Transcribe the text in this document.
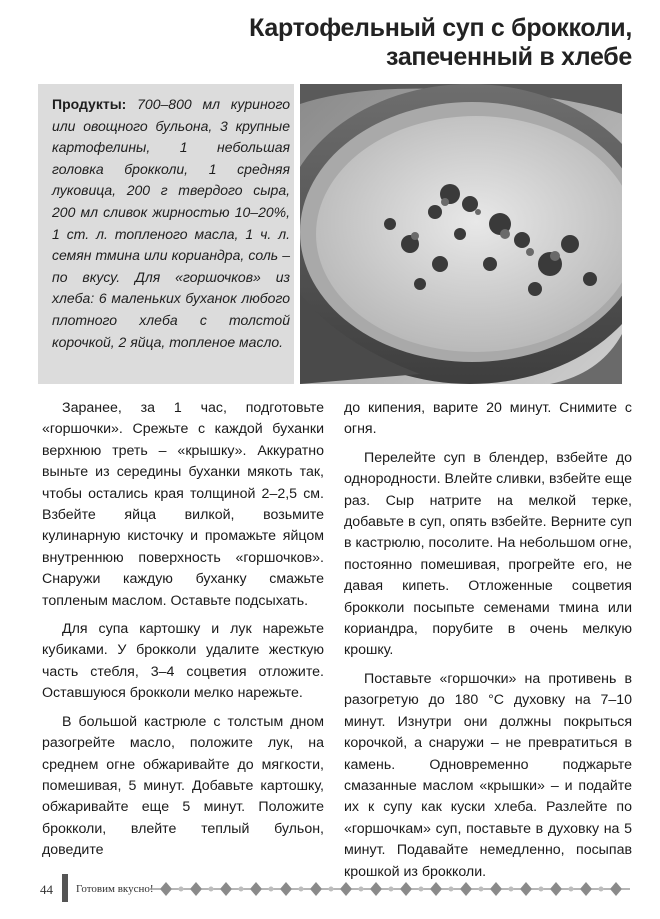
Картофельный суп с брокколи,
запеченный в хлебе
Продукты: 700–800 мл куриного или овощного бульона, 3 крупные картофелины, 1 небольшая головка брокколи, 1 средняя луковица, 200 г твердого сыра, 200 мл сливок жирностью 10–20%, 1 ст. л. топленого масла, 1 ч. л. семян тмина или кориандра, соль – по вкусу. Для «горшочков» из хлеба: 6 маленьких буханок любого плотного хлеба с толстой корочкой, 2 яйца, топленое масло.

Заранее, за 1 час, подготовьте «горшочки». Срежьте с каждой буханки верхнюю треть – «крышку». Аккуратно выньте из середины буханки мякоть так, чтобы остались края толщиной 2–2,5 см. Взбейте яйца вилкой, возьмите кулинарную кисточку и промажьте яйцом внутреннюю поверхность «горшочков». Снаружи каждую буханку смажьте топленым маслом. Оставьте подсыхать.

Для супа картошку и лук нарежьте кубиками. У брокколи удалите жесткую часть стебля, 3–4 соцветия отложите. Оставшуюся брокколи мелко нарежьте.

В большой кастрюле с толстым дном разогрейте масло, положите лук, на среднем огне обжаривайте до мягкости, помешивая, 5 минут. Добавьте картошку, обжаривайте еще 5 минут. Положите брокколи, влейте теплый бульон, доведите

до кипения, варите 20 минут. Снимите с огня.

Перелейте суп в блендер, взбейте до однородности. Влейте сливки, взбейте еще раз. Сыр натрите на мелкой терке, добавьте в суп, опять взбейте. Верните суп в кастрюлю, посолите. На небольшом огне, постоянно помешивая, прогрейте его, не давая кипеть. Отложенные соцветия брокколи посыпьте семенами тмина или кориандра, порубите в очень мелкую крошку.

Поставьте «горшочки» на противень в разогретую до 180 °С духовку на 7–10 минут. Изнутри они должны покрыться корочкой, а снаружи – не превратиться в камень. Одновременно поджарьте смазанные маслом «крышки» – и подайте их к супу как куски хлеба. Разлейте по «горшочкам» суп, поставьте в духовку на 5 минут. Подавайте немедленно, посыпав крошкой из брокколи.

44 Готовим вкусно!
